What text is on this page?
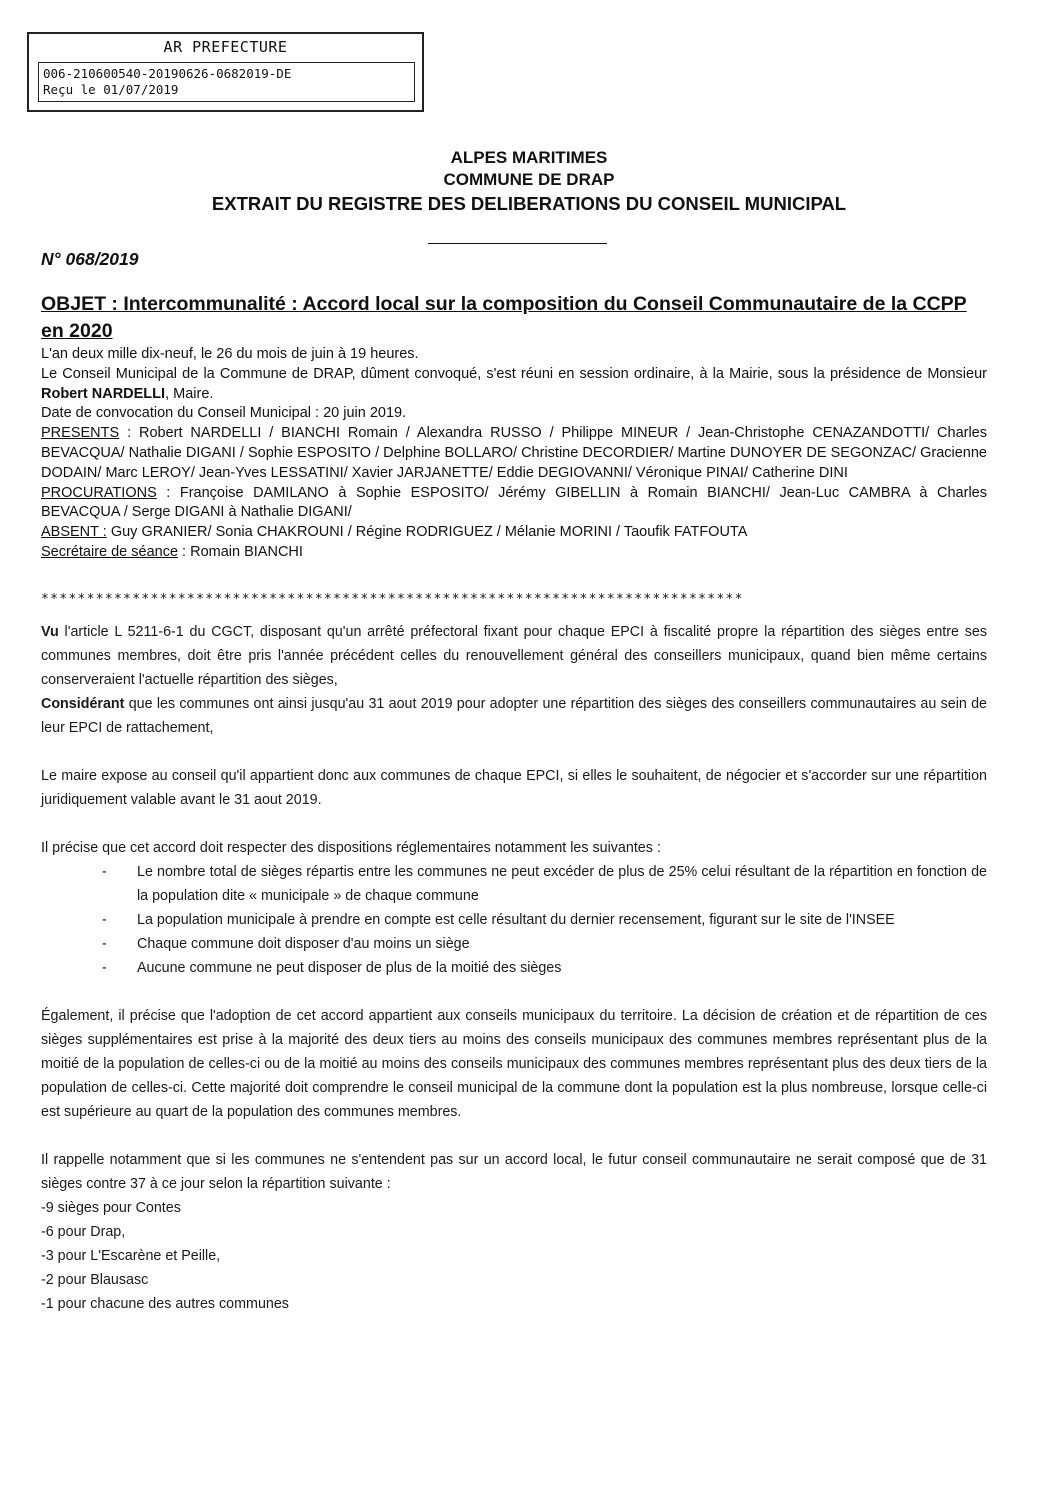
AR PREFECTURE
006-210600540-20190626-0682019-DE
Reçu le 01/07/2019
ALPES MARITIMES
COMMUNE DE DRAP
EXTRAIT DU REGISTRE DES DELIBERATIONS DU CONSEIL MUNICIPAL
N° 068/2019
OBJET : Intercommunalité : Accord local sur la composition du Conseil Communautaire de la CCPP en 2020

L'an deux mille dix-neuf, le 26 du mois de juin à 19 heures.

Le Conseil Municipal de la Commune de DRAP, dûment convoqué, s'est réuni en session ordinaire, à la Mairie, sous la présidence de Monsieur Robert NARDELLI, Maire.

Date de convocation du Conseil Municipal : 20 juin 2019.

PRESENTS : Robert NARDELLI / BIANCHI Romain / Alexandra RUSSO / Philippe MINEUR / Jean-Christophe CENAZANDOTTI/ Charles BEVACQUA/ Nathalie DIGANI / Sophie ESPOSITO / Delphine BOLLARO/ Christine DECORDIER/ Martine DUNOYER DE SEGONZAC/ Gracienne DODAIN/ Marc LEROY/ Jean-Yves LESSATINI/ Xavier JARJANETTE/ Eddie DEGIOVANNI/ Véronique PINAI/ Catherine DINI

PROCURATIONS : Françoise DAMILANO à Sophie ESPOSITO/ Jérémy GIBELLIN à Romain BIANCHI/ Jean-Luc CAMBRA à Charles BEVACQUA / Serge DIGANI à Nathalie DIGANI/

ABSENT : Guy GRANIER/ Sonia CHAKROUNI / Régine RODRIGUEZ / Mélanie MORINI / Taoufik FATFOUTA

Secrétaire de séance : Romain BIANCHI

*****************************************************************************

Vu l'article L 5211-6-1 du CGCT, disposant qu'un arrêté préfectoral fixant pour chaque EPCI à fiscalité propre la répartition des sièges entre ses communes membres, doit être pris l'année précédent celles du renouvellement général des conseillers municipaux, quand bien même certains conserveraient l'actuelle répartition des sièges,

Considérant que les communes ont ainsi jusqu'au 31 aout 2019 pour adopter une répartition des sièges des conseillers communautaires au sein de leur EPCI de rattachement,

Le maire expose au conseil qu'il appartient donc aux communes de chaque EPCI, si elles le souhaitent, de négocier et s'accorder sur une répartition juridiquement valable avant le 31 aout 2019.

Il précise que cet accord doit respecter des dispositions réglementaires notamment les suivantes :

- Le nombre total de sièges répartis entre les communes ne peut excéder de plus de 25% celui résultant de la répartition en fonction de la population dite « municipale » de chaque commune
- La population municipale à prendre en compte est celle résultant du dernier recensement, figurant sur le site de l'INSEE
- Chaque commune doit disposer d'au moins un siège
- Aucune commune ne peut disposer de plus de la moitié des sièges

Également, il précise que l'adoption de cet accord appartient aux conseils municipaux du territoire. La décision de création et de répartition de ces sièges supplémentaires est prise à la majorité des deux tiers au moins des conseils municipaux des communes membres représentant plus de la moitié de la population de celles-ci ou de la moitié au moins des conseils municipaux des communes membres représentant plus des deux tiers de la population de celles-ci. Cette majorité doit comprendre le conseil municipal de la commune dont la population est la plus nombreuse, lorsque celle-ci est supérieure au quart de la population des communes membres.

Il rappelle notamment que si les communes ne s'entendent pas sur un accord local, le futur conseil communautaire ne serait composé que de 31 sièges contre 37 à ce jour selon la répartition suivante :

-9 sièges pour Contes

-6 pour Drap,

-3 pour L'Escarène et Peille,

-2 pour Blausasc

-1 pour chacune des autres communes
